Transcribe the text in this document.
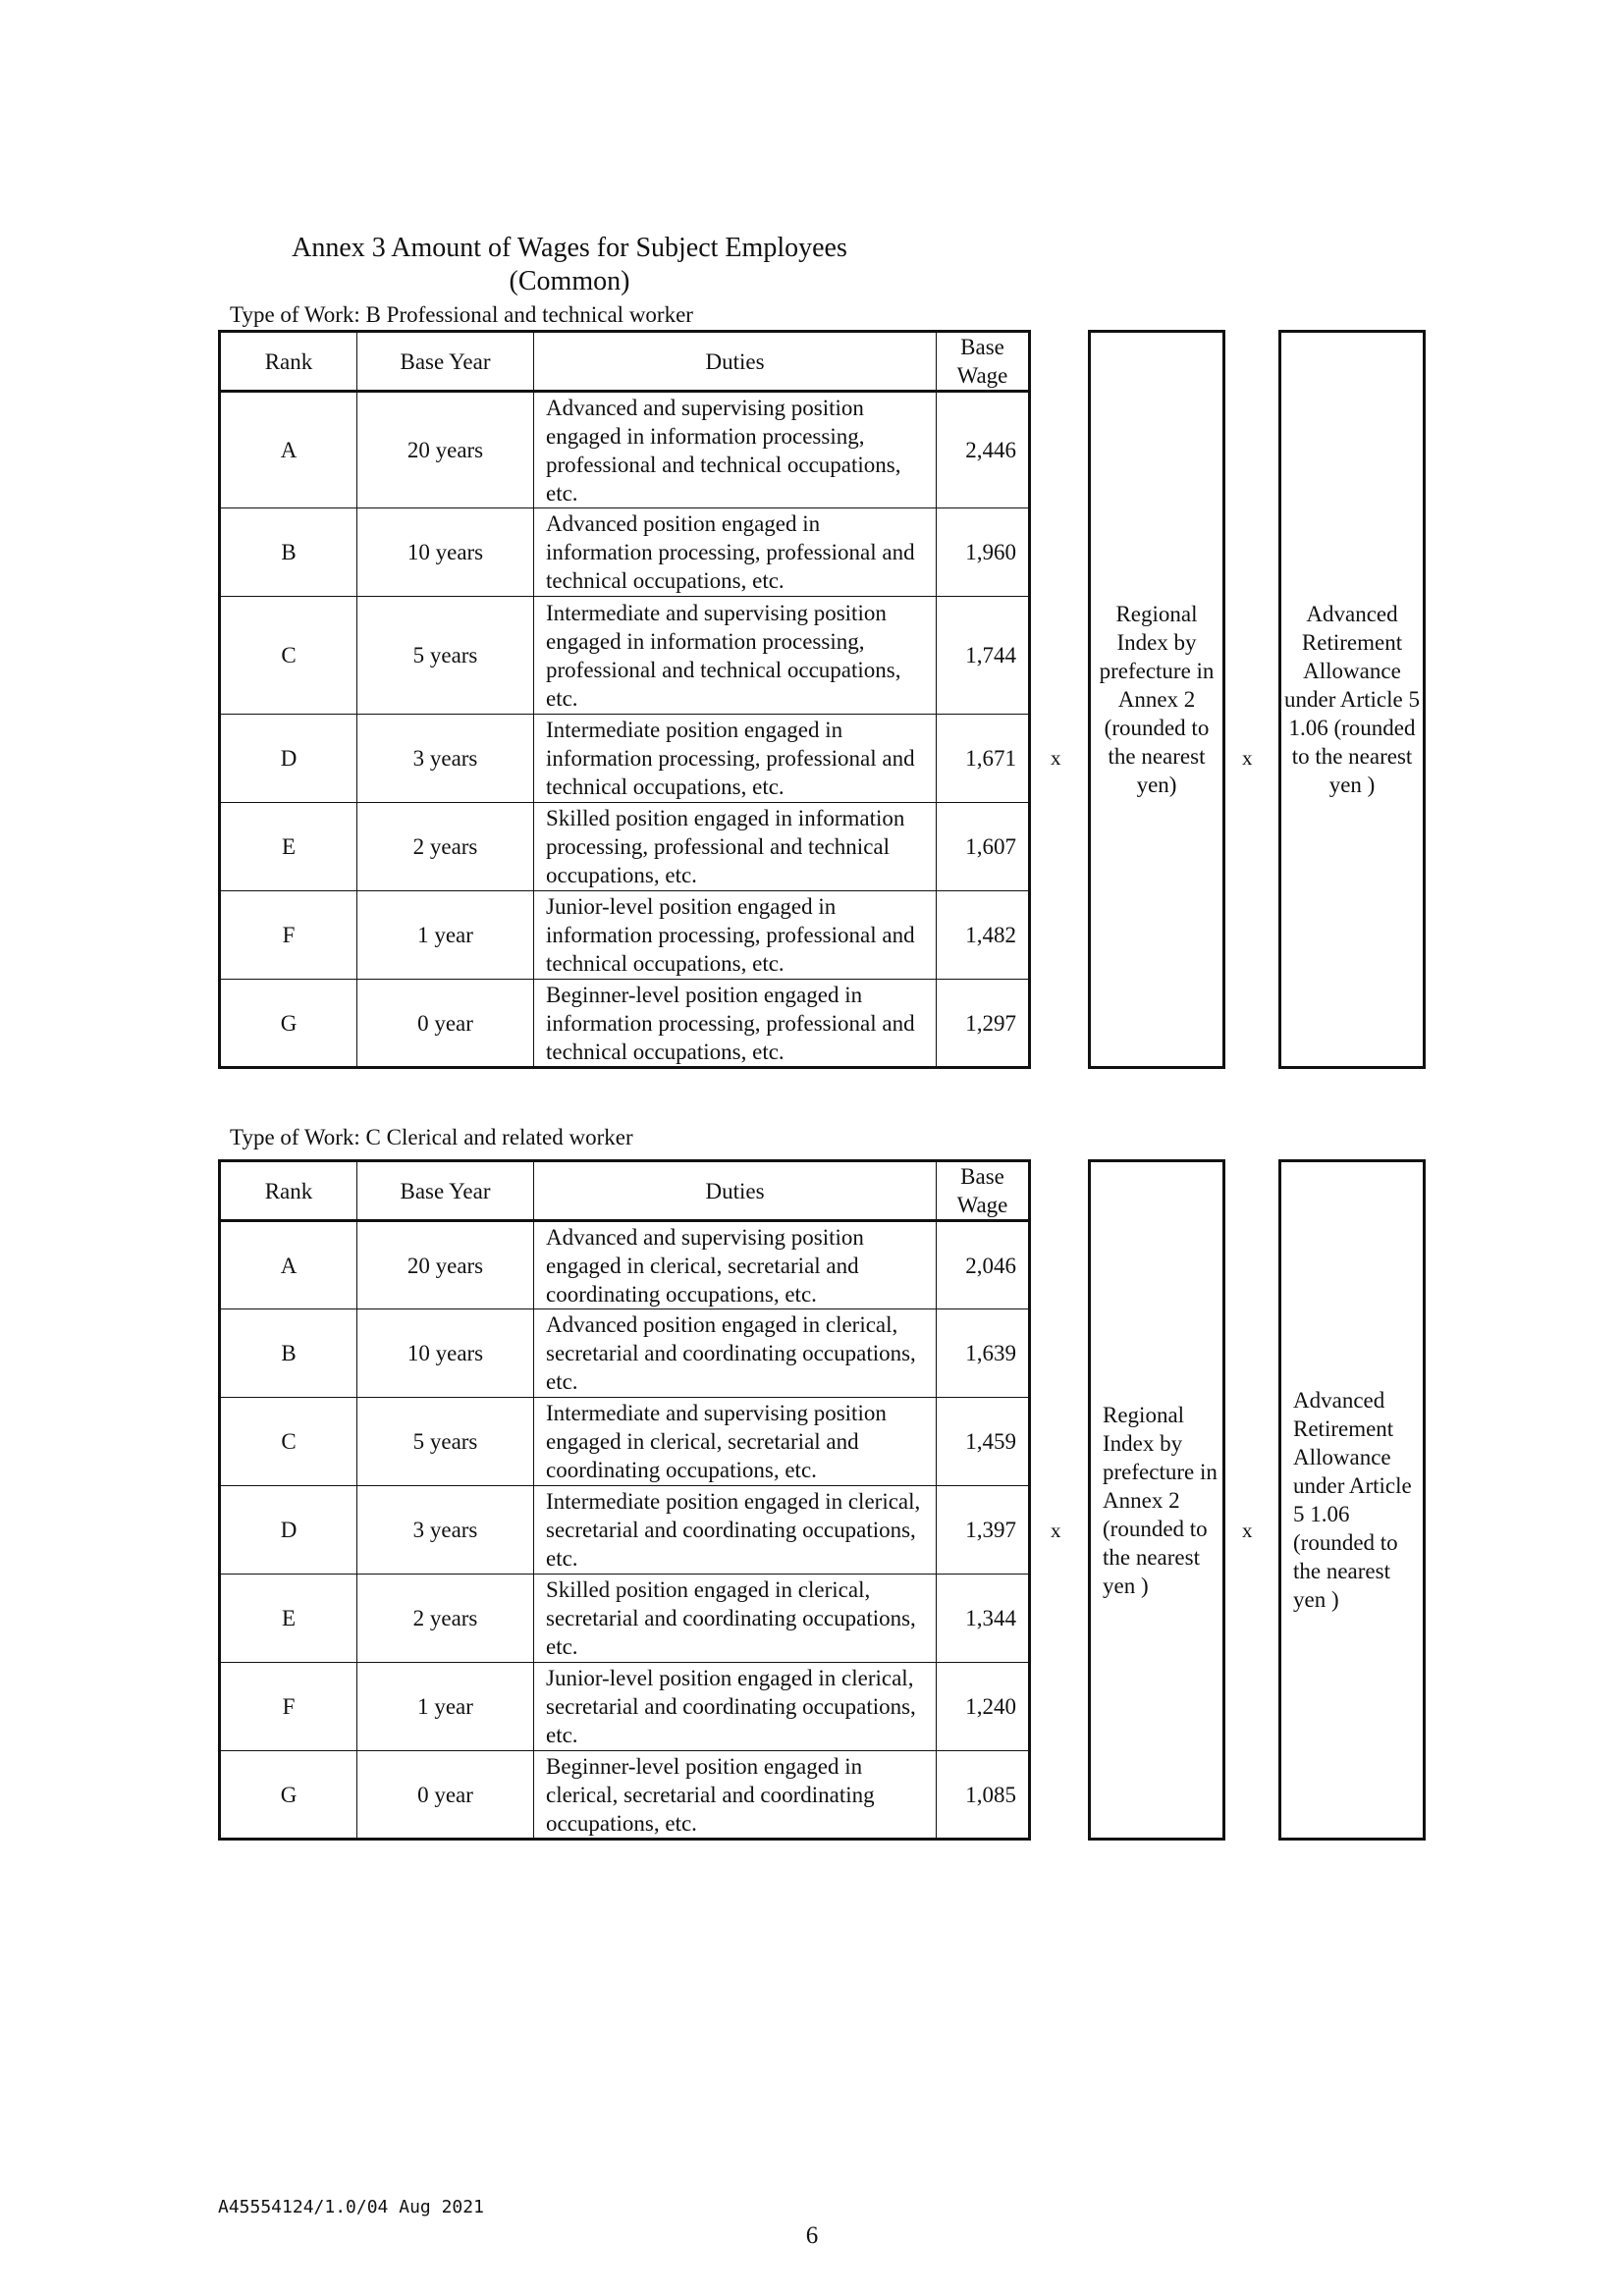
Annex 3 Amount of Wages for Subject Employees
(Common)
Type of Work: B Professional and technical worker
Rank	Base Year	Duties	Base Wage
A	20 years	Advanced and supervising position engaged in information processing, professional and technical occupations, etc.	2,446
B	10 years	Advanced position engaged in information processing, professional and technical occupations, etc.	1,960
C	5 years	Intermediate and supervising position engaged in information processing, professional and technical occupations, etc.	1,744
D	3 years	Intermediate position engaged in information processing, professional and technical occupations, etc.	1,671
E	2 years	Skilled position engaged in information processing, professional and technical occupations, etc.	1,607
F	1 year	Junior-level position engaged in information processing, professional and technical occupations, etc.	1,482
G	0 year	Beginner-level position engaged in information processing, professional and technical occupations, etc.	1,297
x
Regional Index by prefecture in Annex 2 (rounded to the nearest yen)
x
Advanced Retirement Allowance under Article 5 1.06 (rounded to the nearest yen )
Type of Work: C Clerical and related worker
Rank	Base Year	Duties	Base Wage
A	20 years	Advanced and supervising position engaged in clerical, secretarial and coordinating occupations, etc.	2,046
B	10 years	Advanced position engaged in clerical, secretarial and coordinating occupations, etc.	1,639
C	5 years	Intermediate and supervising position engaged in clerical, secretarial and coordinating occupations, etc.	1,459
D	3 years	Intermediate position engaged in clerical, secretarial and coordinating occupations, etc.	1,397
E	2 years	Skilled position engaged in clerical, secretarial and coordinating occupations, etc.	1,344
F	1 year	Junior-level position engaged in clerical, secretarial and coordinating occupations, etc.	1,240
G	0 year	Beginner-level position engaged in clerical, secretarial and coordinating occupations, etc.	1,085
x
Regional Index by prefecture in Annex 2 (rounded to the nearest yen )
x
Advanced Retirement Allowance under Article 5 1.06 (rounded to the nearest yen )
A45554124/1.0/04 Aug 2021
6
